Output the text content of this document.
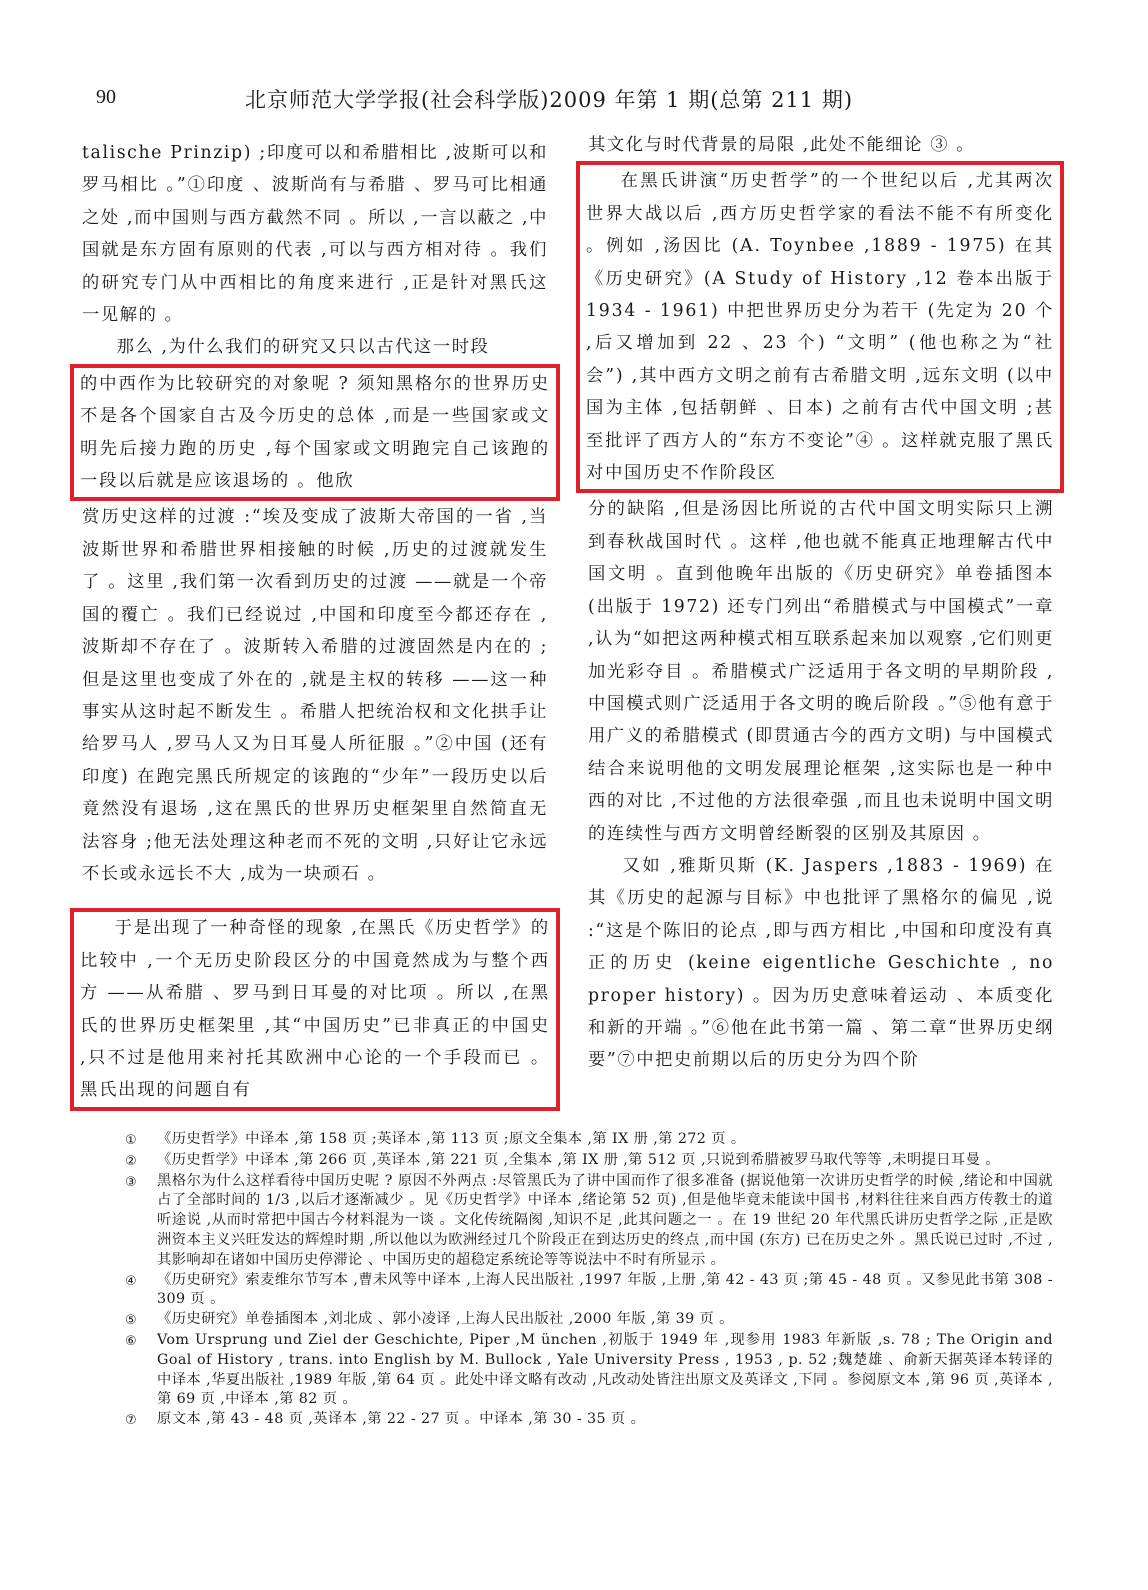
90	北京师范大学学报(社会科学版)2009 年第 1 期(总第 211 期)

talische Prinzip) ;印度可以和希腊相比 ,波斯可以和罗马相比 。”①印度 、波斯尚有与希腊 、罗马可比相通之处 ,而中国则与西方截然不同 。所以 ,一言以蔽之 ,中国就是东方固有原则的代表 ,可以与西方相对待 。我们的研究专门从中西相比的角度来进行 ,正是针对黑氏这一见解的 。

那么 ,为什么我们的研究又只以古代这一时段

的中西作为比较研究的对象呢 ? 须知黑格尔的世界历史不是各个国家自古及今历史的总体 ,而是一些国家或文明先后接力跑的历史 ,每个国家或文明跑完自己该跑的一段以后就是应该退场的 。他欣

赏历史这样的过渡 :“埃及变成了波斯大帝国的一省 ,当波斯世界和希腊世界相接触的时候 ,历史的过渡就发生了 。这里 ,我们第一次看到历史的过渡 ——就是一个帝国的覆亡 。我们已经说过 ,中国和印度至今都还存在 ,波斯却不存在了 。波斯转入希腊的过渡固然是内在的 ;但是这里也变成了外在的 ,就是主权的转移 ——这一种事实从这时起不断发生 。希腊人把统治权和文化拱手让给罗马人 ,罗马人又为日耳曼人所征服 。”②中国 (还有印度) 在跑完黑氏所规定的该跑的“少年”一段历史以后竟然没有退场 ,这在黑氏的世界历史框架里自然简直无法容身 ;他无法处理这种老而不死的文明 ,只好让它永远不长或永远长不大 ,成为一块顽石 。

于是出现了一种奇怪的现象 ,在黑氏《历史哲学》的比较中 ,一个无历史阶段区分的中国竟然成为与整个西方 ——从希腊 、罗马到日耳曼的对比项 。所以 ,在黑氏的世界历史框架里 ,其“中国历史”已非真正的中国史 ,只不过是他用来衬托其欧洲中心论的一个手段而已 。黑氏出现的问题自有

其文化与时代背景的局限 ,此处不能细论 ③ 。

在黑氏讲演“历史哲学”的一个世纪以后 ,尤其两次世界大战以后 ,西方历史哲学家的看法不能不有所变化 。例如 ,汤因比 (A. Toynbee ,1889 - 1975) 在其《历史研究》(A Study of History ,12 卷本出版于 1934 - 1961) 中把世界历史分为若干 (先定为 20 个 ,后又增加到 22 、23 个) “文明” (他也称之为“社会”) ,其中西方文明之前有古希腊文明 ,远东文明 (以中国为主体 ,包括朝鲜 、日本) 之前有古代中国文明 ;甚至批评了西方人的“东方不变论”④ 。这样就克服了黑氏对中国历史不作阶段区

分的缺陷 ,但是汤因比所说的古代中国文明实际只上溯到春秋战国时代 。这样 ,他也就不能真正地理解古代中国文明 。直到他晚年出版的《历史研究》单卷插图本 (出版于 1972) 还专门列出“希腊模式与中国模式”一章 ,认为“如把这两种模式相互联系起来加以观察 ,它们则更加光彩夺目 。希腊模式广泛适用于各文明的早期阶段 ,中国模式则广泛适用于各文明的晚后阶段 。”⑤他有意于用广义的希腊模式 (即贯通古今的西方文明) 与中国模式结合来说明他的文明发展理论框架 ,这实际也是一种中西的对比 ,不过他的方法很牵强 ,而且也未说明中国文明的连续性与西方文明曾经断裂的区别及其原因 。

又如 ,雅斯贝斯 (K. Jaspers ,1883 - 1969) 在其《历史的起源与目标》中也批评了黑格尔的偏见 ,说 :“这是个陈旧的论点 ,即与西方相比 ,中国和印度没有真正的历史 (keine eigentliche Geschichte , no proper history) 。因为历史意味着运动 、本质变化和新的开端 。”⑥他在此书第一篇 、第二章“世界历史纲要”⑦中把史前期以后的历史分为四个阶

①	《历史哲学》中译本 ,第 158 页 ;英译本 ,第 113 页 ;原文全集本 ,第 IX 册 ,第 272 页 。
②	《历史哲学》中译本 ,第 266 页 ,英译本 ,第 221 页 ,全集本 ,第 IX 册 ,第 512 页 ,只说到希腊被罗马取代等等 ,未明提日耳曼 。
③	黑格尔为什么这样看待中国历史呢 ? 原因不外两点 :尽管黑氏为了讲中国而作了很多准备 (据说他第一次讲历史哲学的时候 ,绪论和中国就占了全部时间的 1/3 ,以后才逐渐减少 。见《历史哲学》中译本 ,绪论第 52 页) ,但是他毕竟未能读中国书 ,材料往往来自西方传教士的道听途说 ,从而时常把中国古今材料混为一谈 。文化传统隔阂 ,知识不足 ,此其问题之一 。在 19 世纪 20 年代黑氏讲历史哲学之际 ,正是欧洲资本主义兴旺发达的辉煌时期 ,所以他以为欧洲经过几个阶段正在到达历史的终点 ,而中国 (东方) 已在历史之外 。黑氏说已过时 ,不过 ,其影响却在诸如中国历史停滞论 、中国历史的超稳定系统论等等说法中不时有所显示 。
④	《历史研究》索麦维尔节写本 ,曹未风等中译本 ,上海人民出版社 ,1997 年版 ,上册 ,第 42 - 43 页 ;第 45 - 48 页 。又参见此书第 308 - 309 页 。
⑤	《历史研究》单卷插图本 ,刘北成 、郭小凌译 ,上海人民出版社 ,2000 年版 ,第 39 页 。
⑥	Vom Ursprung und Ziel der Geschichte, Piper ,M ünchen ,初版于 1949 年 ,现参用 1983 年新版 ,s. 78 ; The Origin and Goal of History , trans. into English by M. Bullock , Yale University Press , 1953 , p. 52 ;魏楚雄 、俞新天据英译本转译的中译本 ,华夏出版社 ,1989 年版 ,第 64 页 。此处中译文略有改动 ,凡改动处皆注出原文及英译文 ,下同 。参阅原文本 ,第 96 页 ,英译本 ,第 69 页 ,中译本 ,第 82 页 。
⑦	原文本 ,第 43 - 48 页 ,英译本 ,第 22 - 27 页 。中译本 ,第 30 - 35 页 。
